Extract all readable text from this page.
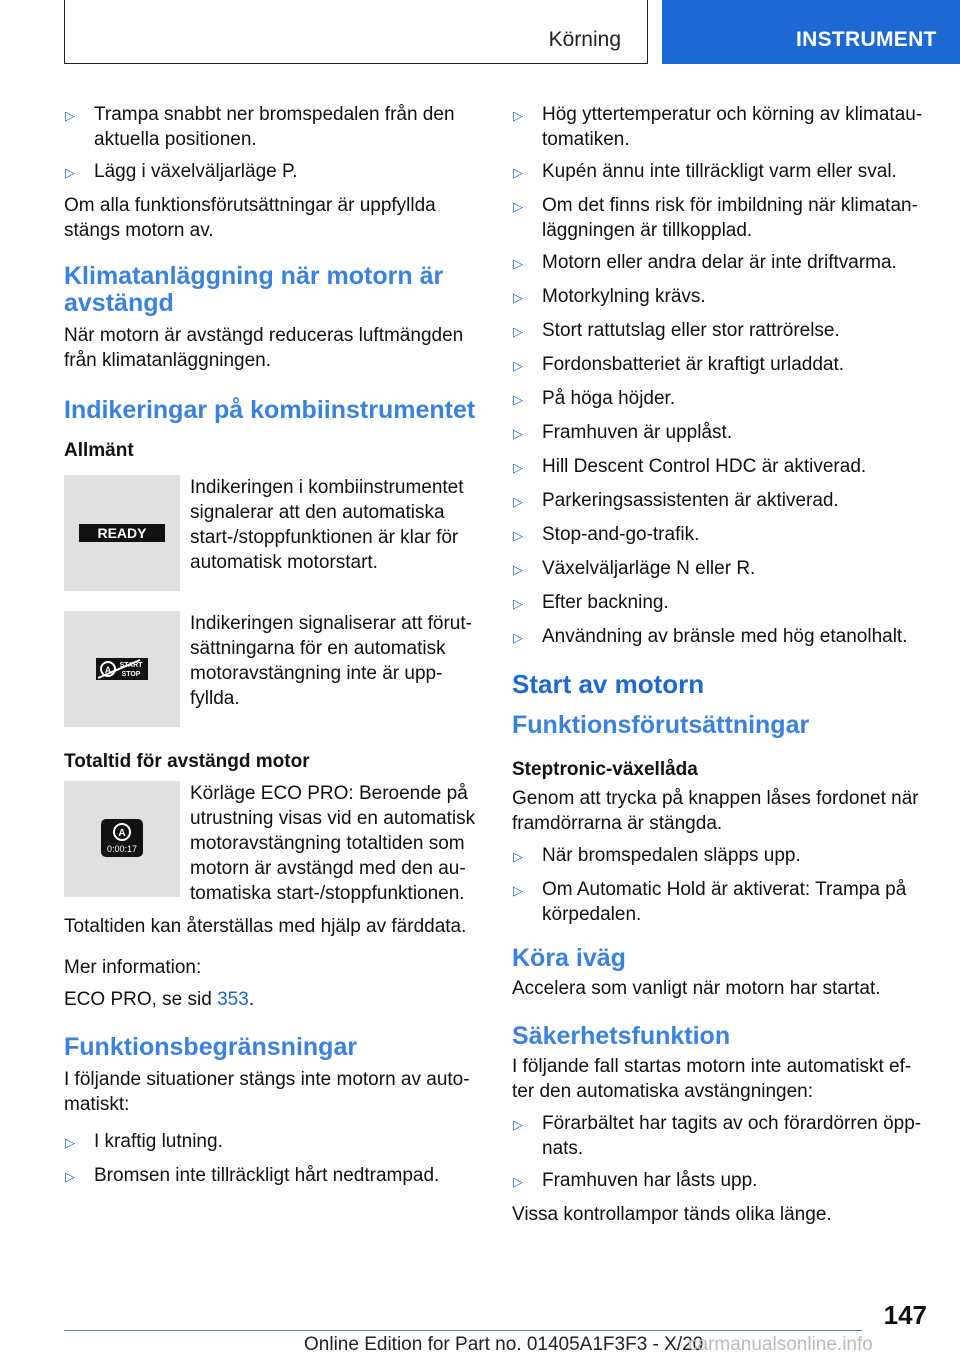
Körning	INSTRUMENT
▷	Trampa snabbt ner bromspedalen från den aktuella positionen.
▷	Lägg i växelväljarläge P.

Om alla funktionsförutsättningar är uppfyllda stängs motorn av.

Klimatanläggning när motorn är avstängd

När motorn är avstängd reduceras luftmängden från klimatanläggningen.

Indikeringar på kombiinstrumentet
Allmänt
READY
Indikeringen i kombiinstrumentet signalerar att den automatiska start-/stoppfunktionen är klar för automatisk motorstart.
A START
STOP
Indikeringen signaliserar att förut-sättningarna för en automatisk motoravstängning inte är upp-fyllda.
Totaltid för avstängd motor
A
0:00:17
Körläge ECO PRO: Beroende på utrustning visas vid en automatisk motoravstängning totaltiden som motorn är avstängd med den au-tomatiska start-/stoppfunktionen.

Totaltiden kan återställas med hjälp av färddata.

Mer information:

ECO PRO, se sid 353.

Funktionsbegränsningar

I följande situationer stängs inte motorn av auto-matiskt:

▷	I kraftig lutning.
▷	Bromsen inte tillräckligt hårt nedtrampad.
▷	Hög yttertemperatur och körning av klimatau-tomatiken.
▷	Kupén ännu inte tillräckligt varm eller sval.
▷	Om det finns risk för imbildning när klimatan-läggningen är tillkopplad.
▷	Motorn eller andra delar är inte driftvarma.
▷	Motorkylning krävs.
▷	Stort rattutslag eller stor rattrörelse.
▷	Fordonsbatteriet är kraftigt urladdat.
▷	På höga höjder.
▷	Framhuven är upplåst.
▷	Hill Descent Control HDC är aktiverad.
▷	Parkeringsassistenten är aktiverad.
▷	Stop-and-go-trafik.
▷	Växelväljarläge N eller R.
▷	Efter backning.
▷	Användning av bränsle med hög etanolhalt.
Start av motorn
Funktionsförutsättningar
Steptronic-växellåda

Genom att trycka på knappen låses fordonet när framdörrarna är stängda.

▷	När bromspedalen släpps upp.
▷	Om Automatic Hold är aktiverat: Trampa på körpedalen.
Köra iväg

Accelera som vanligt när motorn har startat.

Säkerhetsfunktion

I följande fall startas motorn inte automatiskt ef-ter den automatiska avstängningen:

▷	Förarbältet har tagits av och förardörren öpp-nats.
▷	Framhuven har låsts upp.

Vissa kontrollampor tänds olika länge.

147
Online Edition for Part no. 01405A1F3F3 - X/20
carmanualsonline.info
